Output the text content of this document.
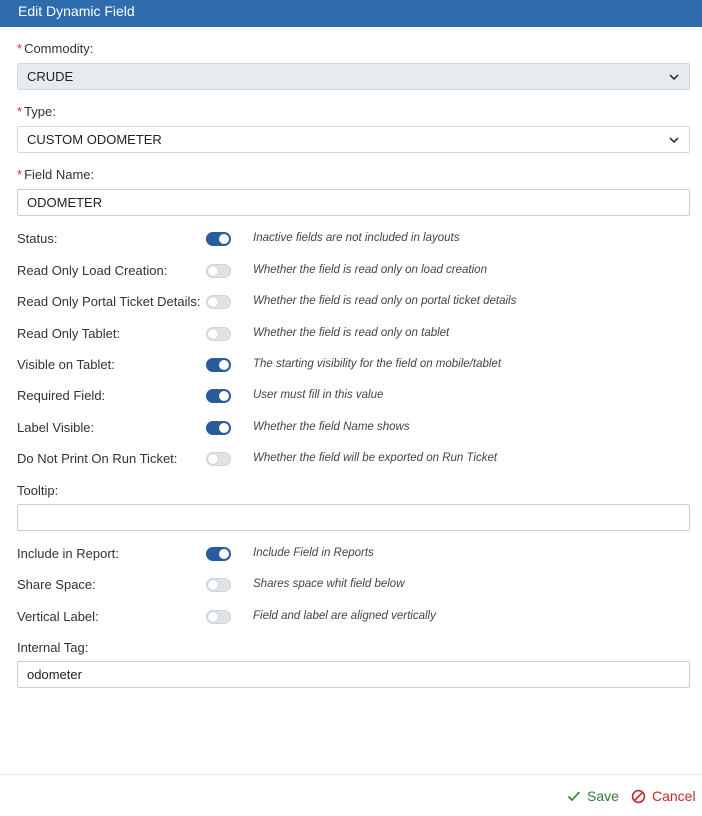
Edit Dynamic Field
* Commodity:
CRUDE
* Type:
CUSTOM ODOMETER
* Field Name:
ODOMETER
Status:	Inactive fields are not included in layouts
Read Only Load Creation:	Whether the field is read only on load creation
Read Only Portal Ticket Details:	Whether the field is read only on portal ticket details
Read Only Tablet:	Whether the field is read only on tablet
Visible on Tablet:	The starting visibility for the field on mobile/tablet
Required Field:	User must fill in this value
Label Visible:	Whether the field Name shows
Do Not Print On Run Ticket:	Whether the field will be exported on Run Ticket
Tooltip:
Include in Report:	Include Field in Reports
Share Space:	Shares space whit field below
Vertical Label:	Field and label are aligned vertically
Internal Tag:
odometer
Save Cancel
